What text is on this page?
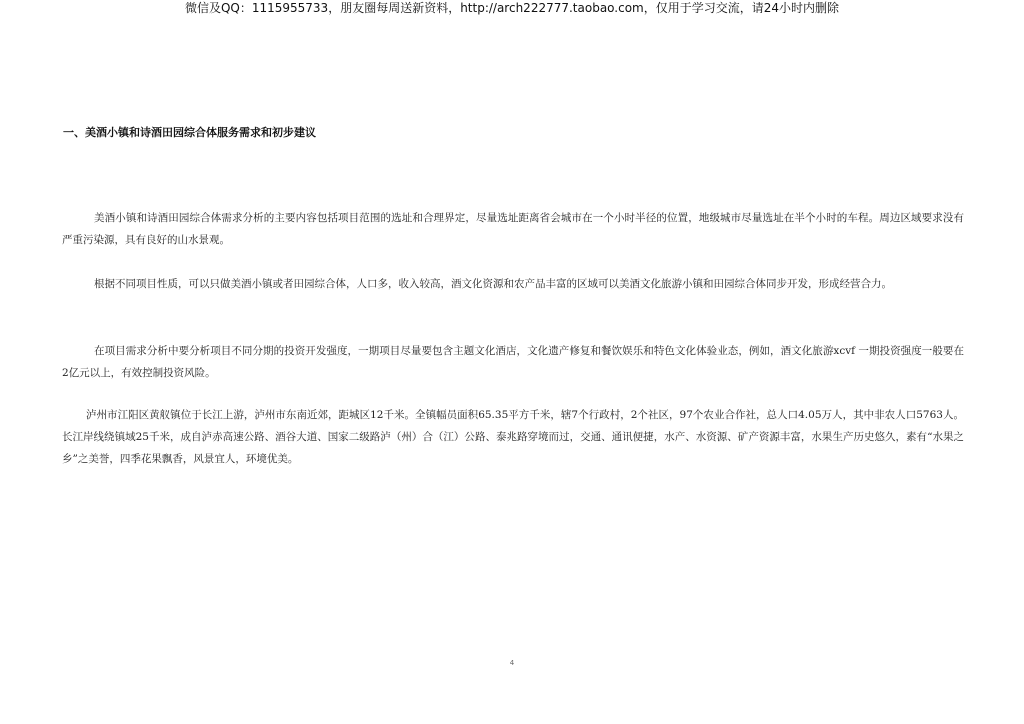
微信及QQ：1115955733，朋友圈每周送新资料，http://arch222777.taobao.com，仅用于学习交流，请24小时内删除
一、美酒小镇和诗酒田园综合体服务需求和初步建议

美酒小镇和诗酒田园综合体需求分析的主要内容包括项目范围的选址和合理界定，尽量选址距离省会城市在一个小时半径的位置，地级城市尽量选址在半个小时的车程。周边区域要求没有严重污染源，具有良好的山水景观。

根据不同项目性质，可以只做美酒小镇或者田园综合体，人口多，收入较高，酒文化资源和农产品丰富的区域可以美酒文化旅游小镇和田园综合体同步开发，形成经营合力。

在项目需求分析中要分析项目不同分期的投资开发强度，一期项目尽量要包含主题文化酒店，文化遗产修复和餐饮娱乐和特色文化体验业态，例如，酒文化旅游xcvf 一期投资强度一般要在2亿元以上，有效控制投资风险。

泸州市江阳区黄舣镇位于长江上游，泸州市东南近郊，距城区12千米。全镇幅员面积65.35平方千米，辖7个行政村，2个社区，97个农业合作社，总人口4.05万人，其中非农人口5763人。长江岸线绕镇域25千米，成自泸赤高速公路、酒谷大道、国家二级路泸（州）合（江）公路、泰兆路穿境而过，交通、通讯便捷，水产、水资源、矿产资源丰富，水果生产历史悠久，素有“水果之乡”之美誉，四季花果飘香，风景宜人，环境优美。

4
